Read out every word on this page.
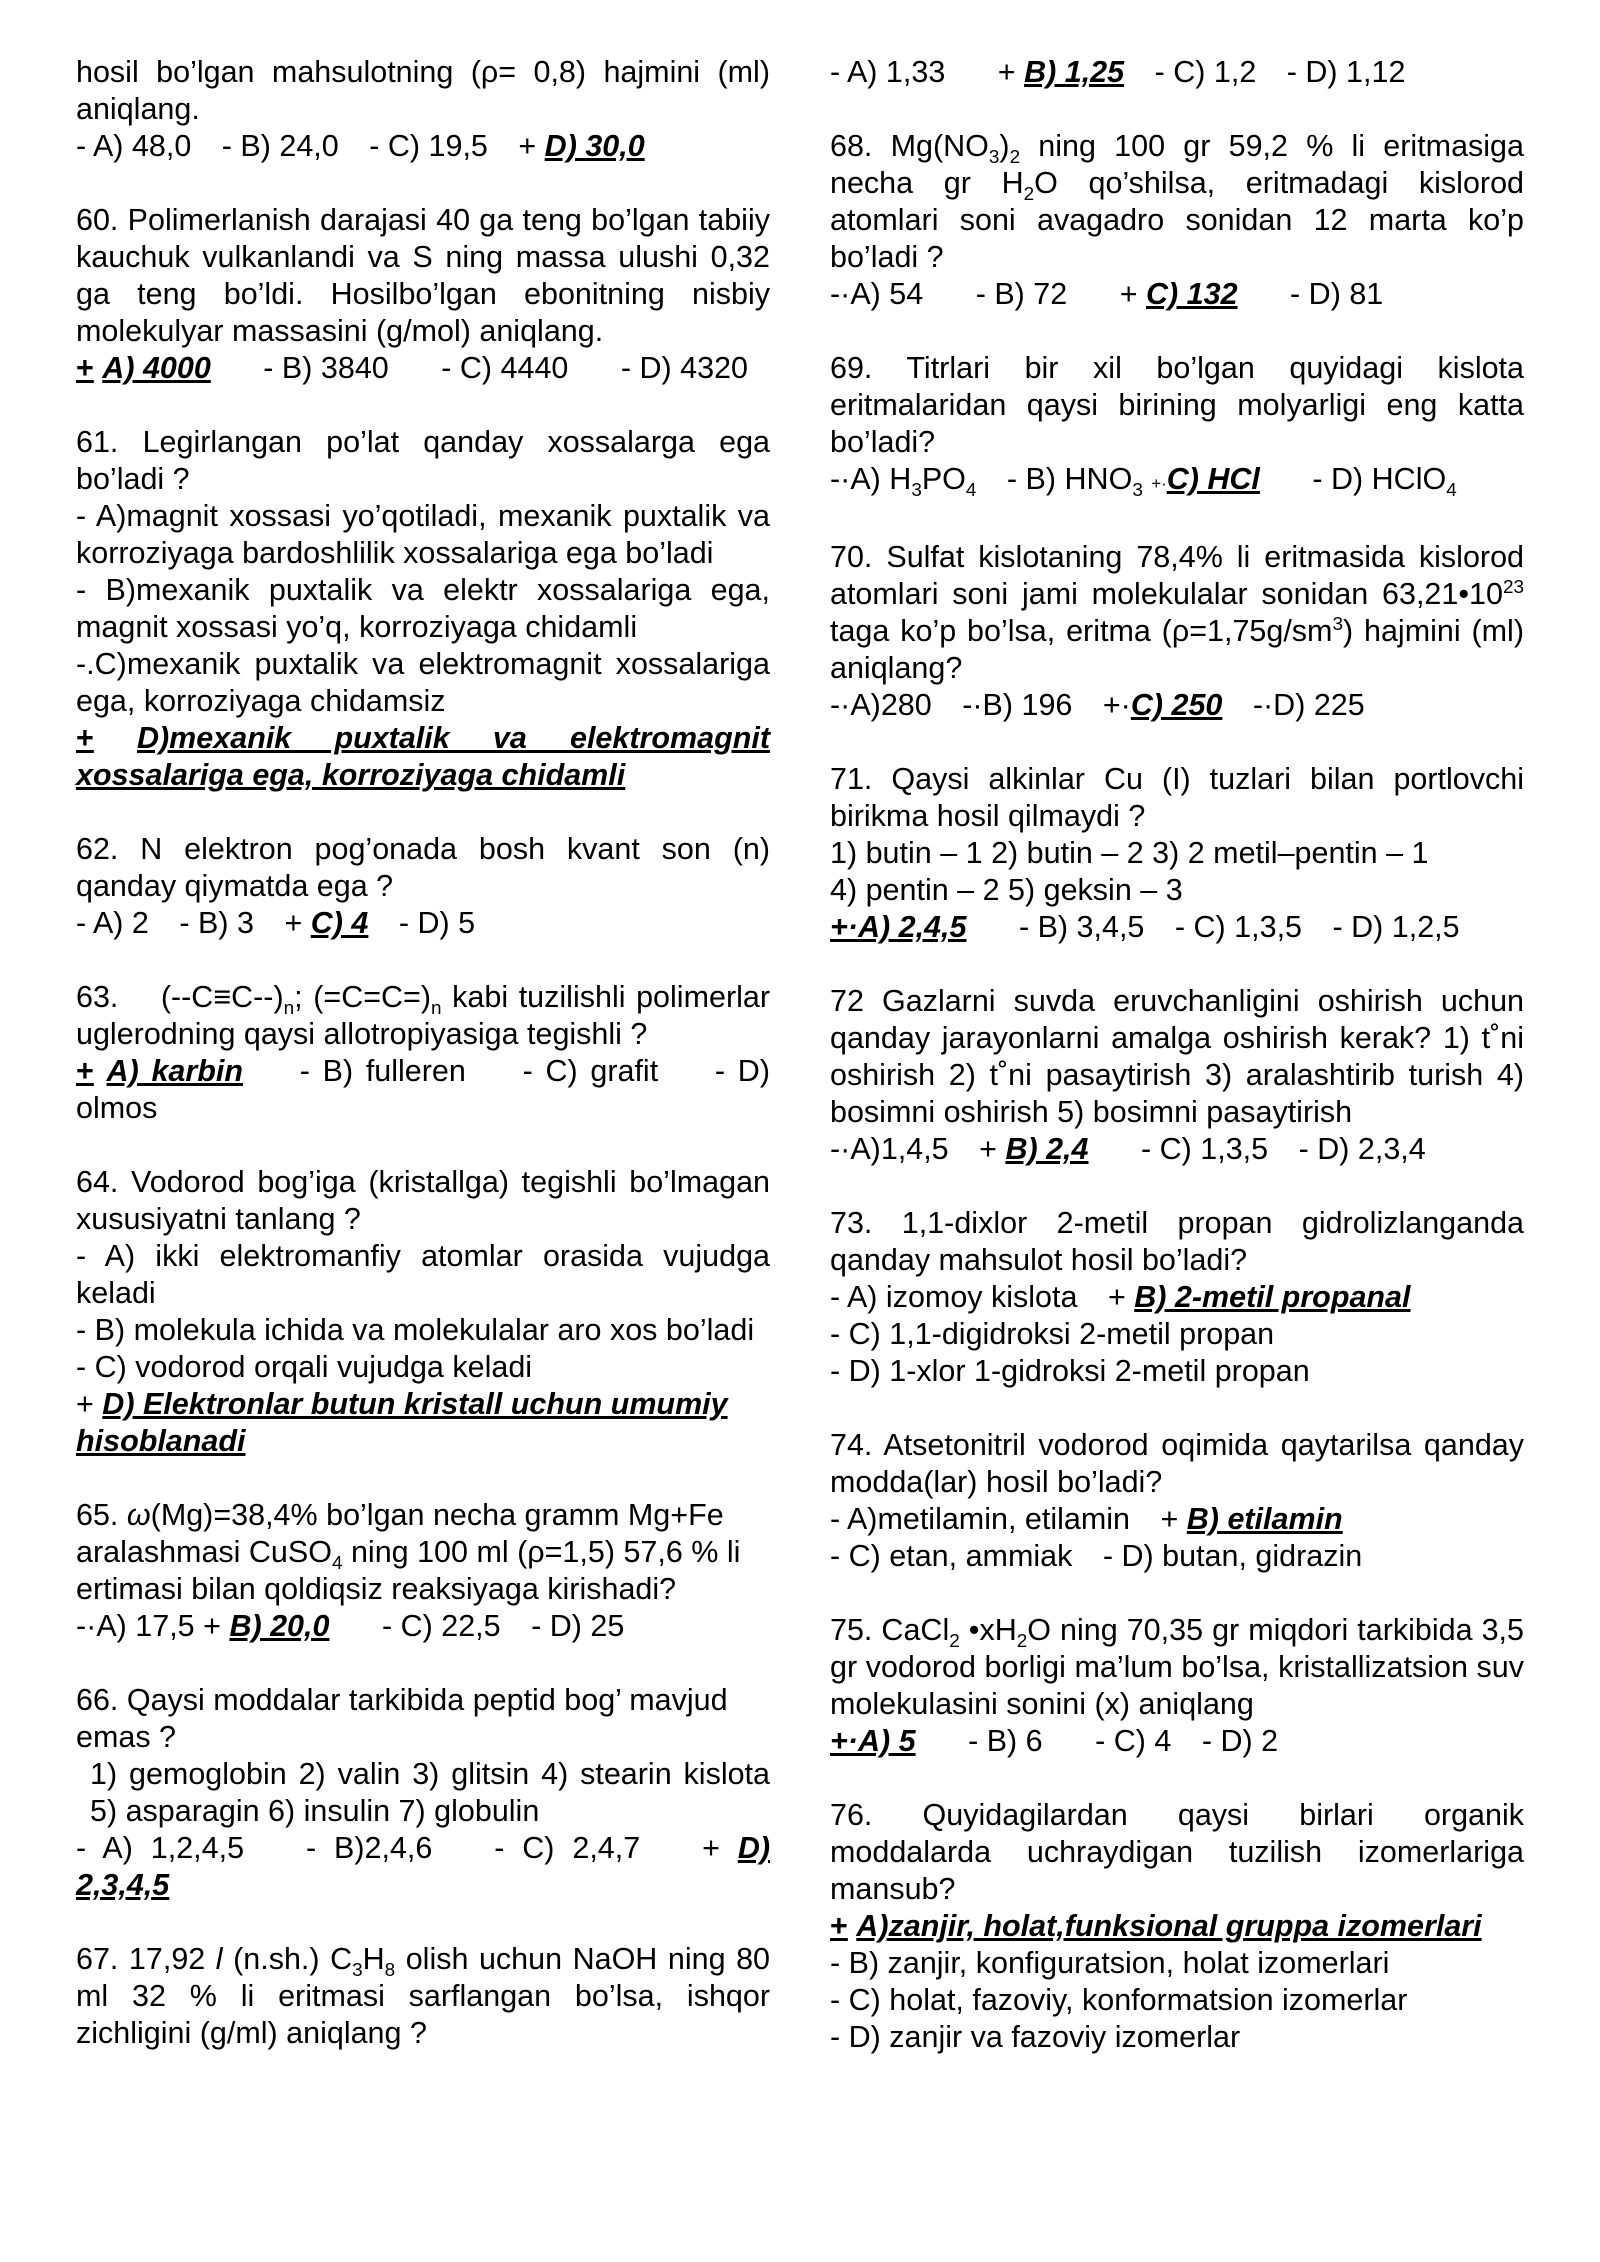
hosil bo’lgan mahsulotning (ρ= 0,8) hajmini (ml) aniqlang.
- A) 48,0 - B) 24,0 - C) 19,5 + D) 30,0
60. Polimerlanish darajasi 40 ga teng bo’lgan tabiiy kauchuk vulkanlandi va S ning massa ulushi 0,32 ga teng bo’ldi. Hosilbo’lgan ebonitning nisbiy molekulyar massasini (g/mol) aniqlang.
+ A) 4000 - B) 3840 - C) 4440 - D) 4320
61. Legirlangan po’lat qanday xossalarga ega bo’ladi ?
- A)magnit xossasi yo’qotiladi, mexanik puxtalik va korroziyaga bardoshlilik xossalariga ega bo’ladi
- B)mexanik puxtalik va elektr xossalariga ega, magnit xossasi yo’q, korroziyaga chidamli
-.C)mexanik puxtalik va elektromagnit xossalariga ega, korroziyaga chidamsiz
+ D)mexanik puxtalik va elektromagnit xossalariga ega, korroziyaga chidamli
62. N elektron pog’onada bosh kvant son (n) qanday qiymatda ega ?
- A) 2 - B) 3 + C) 4 - D) 5
63. $(--C\equiv C--)_n$; $(=C=C=)_n$ kabi tuzilishli polimerlar uglerodning qaysi allotropiyasiga tegishli ?
+ A) karbin - B) fulleren - C) grafit - D) olmos
64. Vodorod bog’iga (kristallga) tegishli bo’lmagan xususiyatni tanlang ?
- A) ikki elektromanfiy atomlar orasida vujudga keladi
- B) molekula ichida va molekulalar aro xos bo’ladi
- C) vodorod orqali vujudga keladi
+ D) Elektronlar butun kristall uchun umumiy hisoblanadi
65. ω(Mg)=38,4% bo’lgan necha gramm Mg+Fe aralashmasi CuSO$_4$ ning 100 ml (ρ=1,5) 57,6 % li ertimasi bilan qoldiqsiz reaksiyaga kirishadi?
-·A) 17,5 + B) 20,0 - C) 22,5 - D) 25
66. Qaysi moddalar tarkibida peptid bog’ mavjud emas ?
1) gemoglobin 2) valin 3) glitsin 4) stearin kislota 5) asparagin 6) insulin 7) globulin
- A) 1,2,4,5 - B)2,4,6 - C) 2,4,7 + D) 2,3,4,5
67. 17,92 l (n.sh.) $C_3H_8$ olish uchun NaOH ning 80 ml 32 % li eritmasi sarflangan bo’lsa, ishqor zichligini (g/ml) aniqlang ?
- A) 1,33 + B) 1,25 - C) 1,2 - D) 1,12
68. $Mg(NO_3)_2$ ning 100 gr 59,2 % li eritmasiga necha gr $H_2O$ qo’shilsa, eritmadagi kislorod atomlari soni avagadro sonidan 12 marta ko’p bo’ladi ?
-·A) 54 - B) 72 + C) 132 - D) 81
69. Titrlari bir xil bo’lgan quyidagi kislota eritmalaridan qaysi birining molyarligi eng katta bo’ladi?
-·A) $H_3PO_4 - B$) $HNO_3 +\cdot C$) HCl - D) HClO$_4$
70. Sulfat kislotaning 78,4% li eritmasida kislorod atomlari soni jami molekulalar sonidan $63,21•10^{23}$ taga ko’p bo’lsa, eritma $(\rho=1,75g/sm^3)$ hajmini (ml) aniqlang?
-·A)280 -·B) 196 +·C) 250 -·D) 225
71. Qaysi alkinlar Cu (I) tuzlari bilan portlovchi birikma hosil qilmaydi ?
1) butin – 1 2) butin – 2 3) 2 metil–pentin – 1
4) pentin – 2 5) geksin – 3
+·A) 2,4,5 - B) 3,4,5 - C) 1,3,5 - D) 1,2,5
72 Gazlarni suvda eruvchanligini oshirish uchun qanday jarayonlarni amalga oshirish kerak? 1) t˚ni oshirish 2) t˚ni pasaytirish 3) aralashtirib turish 4) bosimni oshirish 5) bosimni pasaytirish
-·A)1,4,5 + B) 2,4 - C) 1,3,5 - D) 2,3,4
73. 1,1-dixlor 2-metil propan gidrolizlanganda qanday mahsulot hosil bo’ladi?
- A) izomoy kislota + B) 2-metil propanal
- C) 1,1-digidroksi 2-metil propan
- D) 1-xlor 1-gidroksi 2-metil propan
74. Atsetonitril vodorod oqimida qaytarilsa qanday modda(lar) hosil bo’ladi?
- A)metilamin, etilamin + B) etilamin
- C) etan, ammiak - D) butan, gidrazin
75. CaCl$_2$ $•xH_2O$ ning 70,35 gr miqdori tarkibida 3,5 gr vodorod borligi ma’lum bo’lsa, kristallizatsion suv molekulasini sonini (x) aniqlang
+·A) 5 - B) 6 - C) 4 - D) 2
76. Quyidagilardan qaysi birlari organik moddalarda uchraydigan tuzilish izomerlariga mansub?
+ A)zanjir, holat,funksional gruppa izomerlari
- B) zanjir, konfiguratsion, holat izomerlari
- C) holat, fazoviy, konformatsion izomerlar
- D) zanjir va fazoviy izomerlar
